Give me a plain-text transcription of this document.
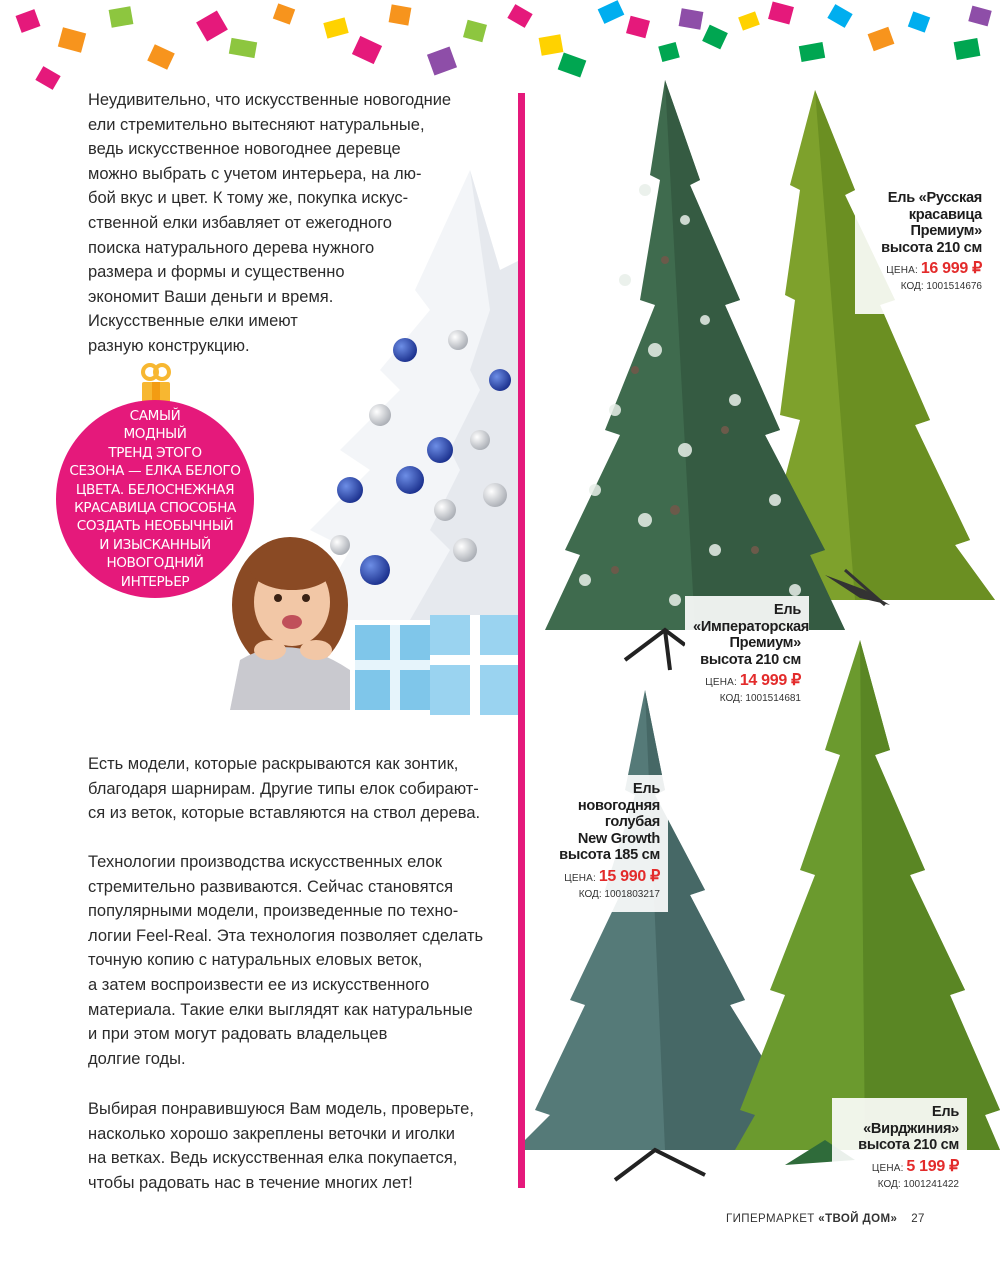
Неудивительно, что искусственные новогодние
ели стремительно вытесняют натуральные,
ведь искусственное новогоднее деревце
можно выбрать с учетом интерьера, на лю-
бой вкус и цвет. К тому же, покупка искус-
ственной елки избавляет от ежегодного
поиска натурального дерева нужного
размера и формы и существенно
экономит Ваши деньги и время.
Искусственные елки имеют
разную конструкцию.

САМЫЙ
МОДНЫЙ
ТРЕНД ЭТОГО
СЕЗОНА — ЕЛКА БЕЛОГО
ЦВЕТА. БЕЛОСНЕЖНАЯ
КРАСАВИЦА СПОСОБНА
СОЗДАТЬ НЕОБЫЧНЫЙ
И ИЗЫСКАННЫЙ
НОВОГОДНИЙ
ИНТЕРЬЕР

Есть модели, которые раскрываются как зонтик,
благодаря шарнирам. Другие типы елок собирают-
ся из веток, которые вставляются на ствол дерева.

Технологии производства искусственных елок
стремительно развиваются. Сейчас становятся
популярными модели, произведенные по техно-
логии Feel-Real. Эта технология позволяет сделать
точную копию с натуральных еловых веток,
а затем воспроизвести ее из искусственного
материала. Такие елки выглядят как натуральные
и при этом могут радовать владельцев
долгие годы.

Выбирая понравившуюся Вам модель, проверьте,
насколько хорошо закреплены веточки и иголки
на ветках. Ведь искусственная елка покупается,
чтобы радовать нас в течение многих лет!

Ель «Русская
красавица
Премиум»
высота 210 см
ЦЕНА: 16 999 ₽
КОД: 1001514676
Ель
«Императорская
Премиум»
высота 210 см
ЦЕНА: 14 999 ₽
КОД: 1001514681
Ель новогодняя
голубая
New Growth
высота 185 см
ЦЕНА: 15 990 ₽
КОД: 1001803217
Ель «Вирджиния»
высота 210 см
ЦЕНА: 5 199 ₽
КОД: 1001241422
ГИПЕРМАРКЕТ «ТВОЙ ДОМ» 27
